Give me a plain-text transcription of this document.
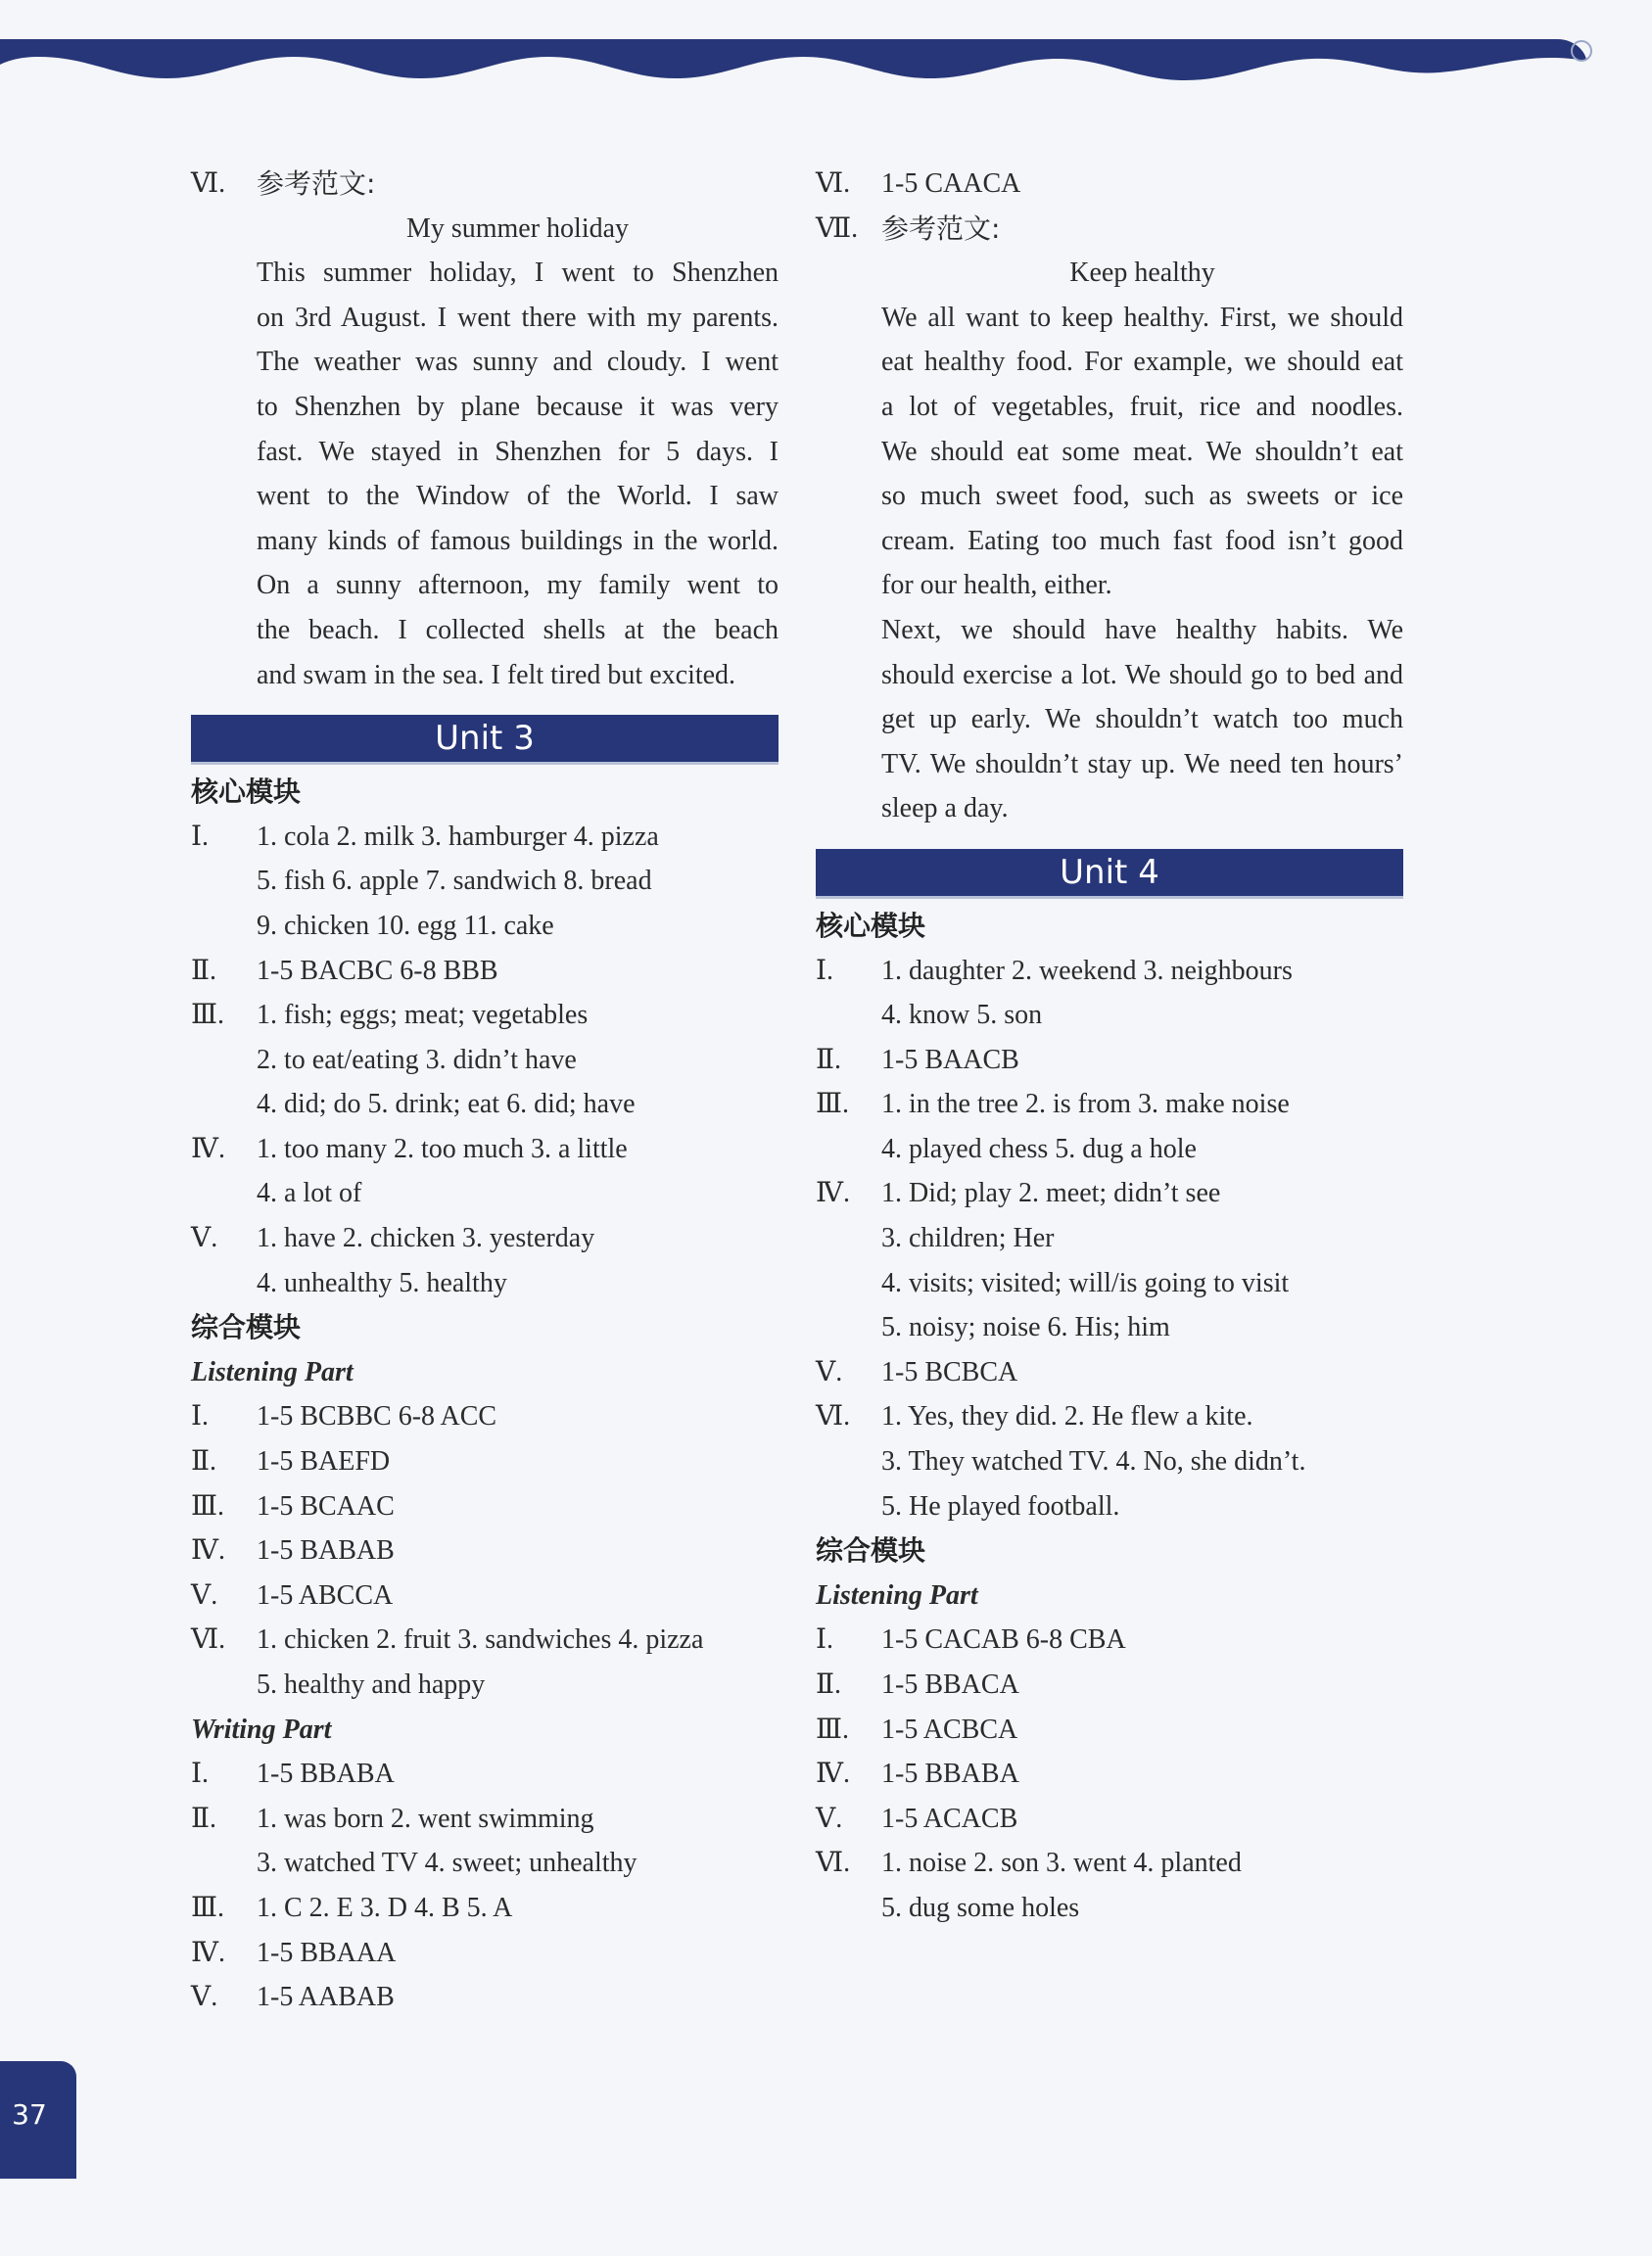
Ⅵ.	参考范文:
My summer holiday
This summer holiday, I went to Shenzhen
on 3rd August. I went there with my parents.
The weather was sunny and cloudy. I went
to Shenzhen by plane because it was very
fast. We stayed in Shenzhen for 5 days. I
went to the Window of the World. I saw
many kinds of famous buildings in the world.
On a sunny afternoon, my family went to
the beach. I collected shells at the beach
and swam in the sea. I felt tired but excited.
Unit 3
核心模块
Ⅰ.	1. cola 2. milk 3. hamburger 4. pizza
5. fish 6. apple 7. sandwich 8. bread
9. chicken 10. egg 11. cake
Ⅱ.	1-5 BACBC 6-8 BBB
Ⅲ.	1. fish; eggs; meat; vegetables
2. to eat/eating 3. didn’t have
4. did; do 5. drink; eat 6. did; have
Ⅳ.	1. too many 2. too much 3. a little
4. a lot of
Ⅴ.	1. have 2. chicken 3. yesterday
4. unhealthy 5. healthy
综合模块
Listening Part
Ⅰ.	1-5 BCBBC 6-8 ACC
Ⅱ.	1-5 BAEFD
Ⅲ.	1-5 BCAAC
Ⅳ.	1-5 BABAB
Ⅴ.	1-5 ABCCA
Ⅵ.	1. chicken 2. fruit 3. sandwiches 4. pizza
5. healthy and happy
Writing Part
Ⅰ.	1-5 BBABA
Ⅱ.	1. was born 2. went swimming
3. watched TV 4. sweet; unhealthy
Ⅲ.	1. C 2. E 3. D 4. B 5. A
Ⅳ.	1-5 BBAAA
Ⅴ.	1-5 AABAB
Ⅵ.	1-5 CAACA
Ⅶ. 参考范文:
Keep healthy
We all want to keep healthy. First, we should
eat healthy food. For example, we should eat
a lot of vegetables, fruit, rice and noodles.
We should eat some meat. We shouldn’t eat
so much sweet food, such as sweets or ice
cream. Eating too much fast food isn’t good
for our health, either.
Next, we should have healthy habits. We
should exercise a lot. We should go to bed and
get up early. We shouldn’t watch too much
TV. We shouldn’t stay up. We need ten hours’
sleep a day.
Unit 4
核心模块
Ⅰ.	1. daughter 2. weekend 3. neighbours
4. know 5. son
Ⅱ.	1-5 BAACB
Ⅲ.	1. in the tree 2. is from 3. make noise
4. played chess 5. dug a hole
Ⅳ.	1. Did; play 2. meet; didn’t see
3. children; Her
4. visits; visited; will/is going to visit
5. noisy; noise 6. His; him
Ⅴ.	1-5 BCBCA
Ⅵ.	1. Yes, they did. 2. He flew a kite.
3. They watched TV. 4. No, she didn’t.
5. He played football.
综合模块
Listening Part
Ⅰ.	1-5 CACAB 6-8 CBA
Ⅱ.	1-5 BBACA
Ⅲ.	1-5 ACBCA
Ⅳ.	1-5 BBABA
Ⅴ.	1-5 ACACB
Ⅵ.	1. noise 2. son 3. went 4. planted
5. dug some holes
37
